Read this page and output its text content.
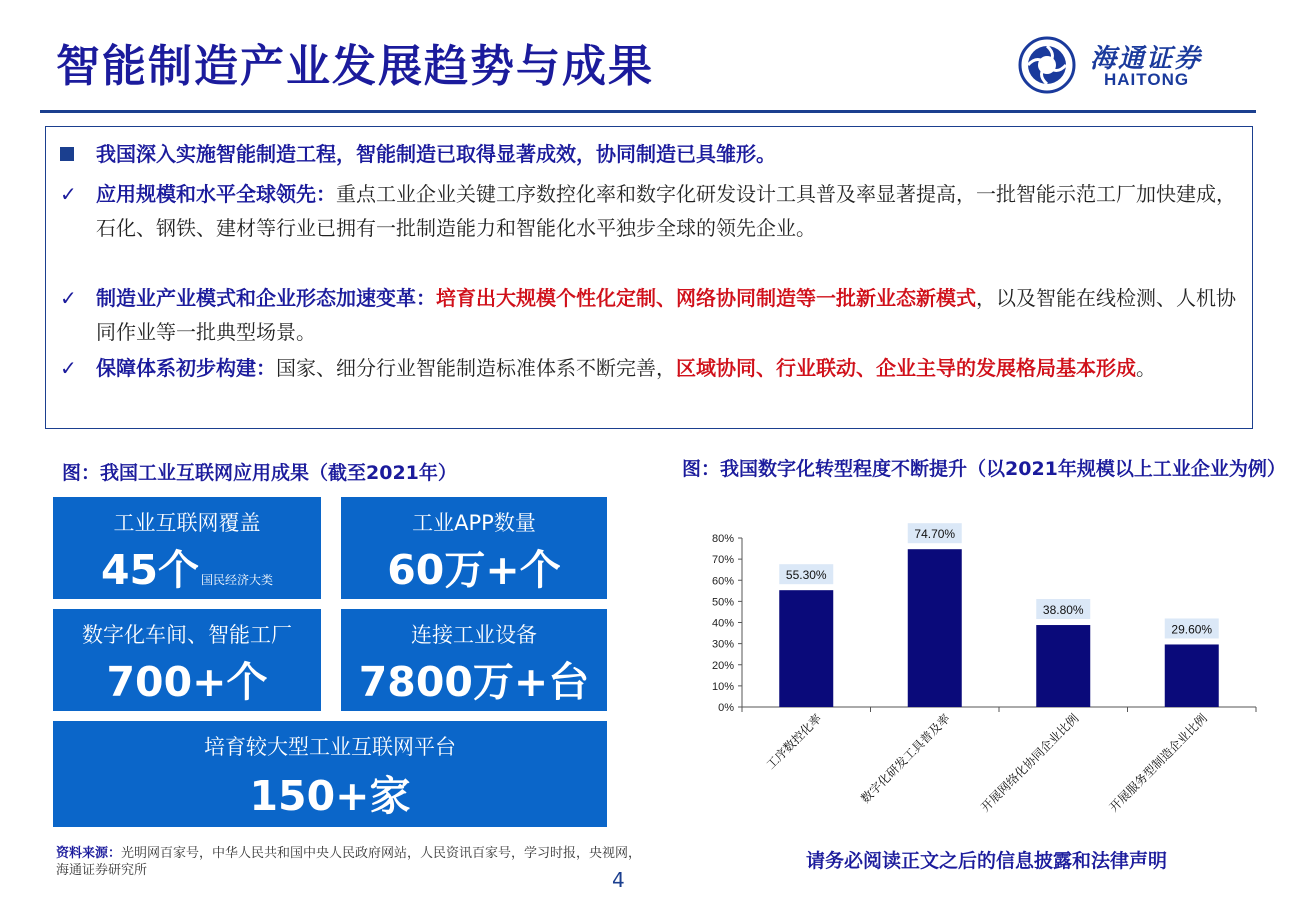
智能制造产业发展趋势与成果	海通证券
HAITONG
我国深入实施智能制造工程，智能制造已取得显著成效，协同制造已具雏形。
✓ 应用规模和水平全球领先：重点工业企业关键工序数控化率和数字化研发设计工具普及率显著提高，一批智能示范工厂加快建成，石化、钢铁、建材等行业已拥有一批制造能力和智能化水平独步全球的领先企业。
✓ 制造业产业模式和企业形态加速变革：培育出大规模个性化定制、网络协同制造等一批新业态新模式，以及智能在线检测、人机协同作业等一批典型场景。
✓ 保障体系初步构建：国家、细分行业智能制造标准体系不断完善，区域协同、行业联动、企业主导的发展格局基本形成。
图：我国工业互联网应用成果（截至2021年）	图：我国数字化转型程度不断提升（以2021年规模以上工业企业为例）
工业互联网覆盖
45个 国民经济大类
工业APP数量
60万+个
数字化车间、智能工厂
700+个
连接工业设备
7800万+台
培育较大型工业互联网平台
150+家
0%
10%
20%
30%
40%
50%
60%
70%
80%
55.30%
工序数控化率
74.70%
数字化研发工具普及率
38.80%
开展网络化协同企业比例
29.60%
开展服务型制造企业比例
资料来源：光明网百家号，中华人民共和国中央人民政府网站，人民资讯百家号，学习时报，央视网，
海通证券研究所	4
请务必阅读正文之后的信息披露和法律声明
